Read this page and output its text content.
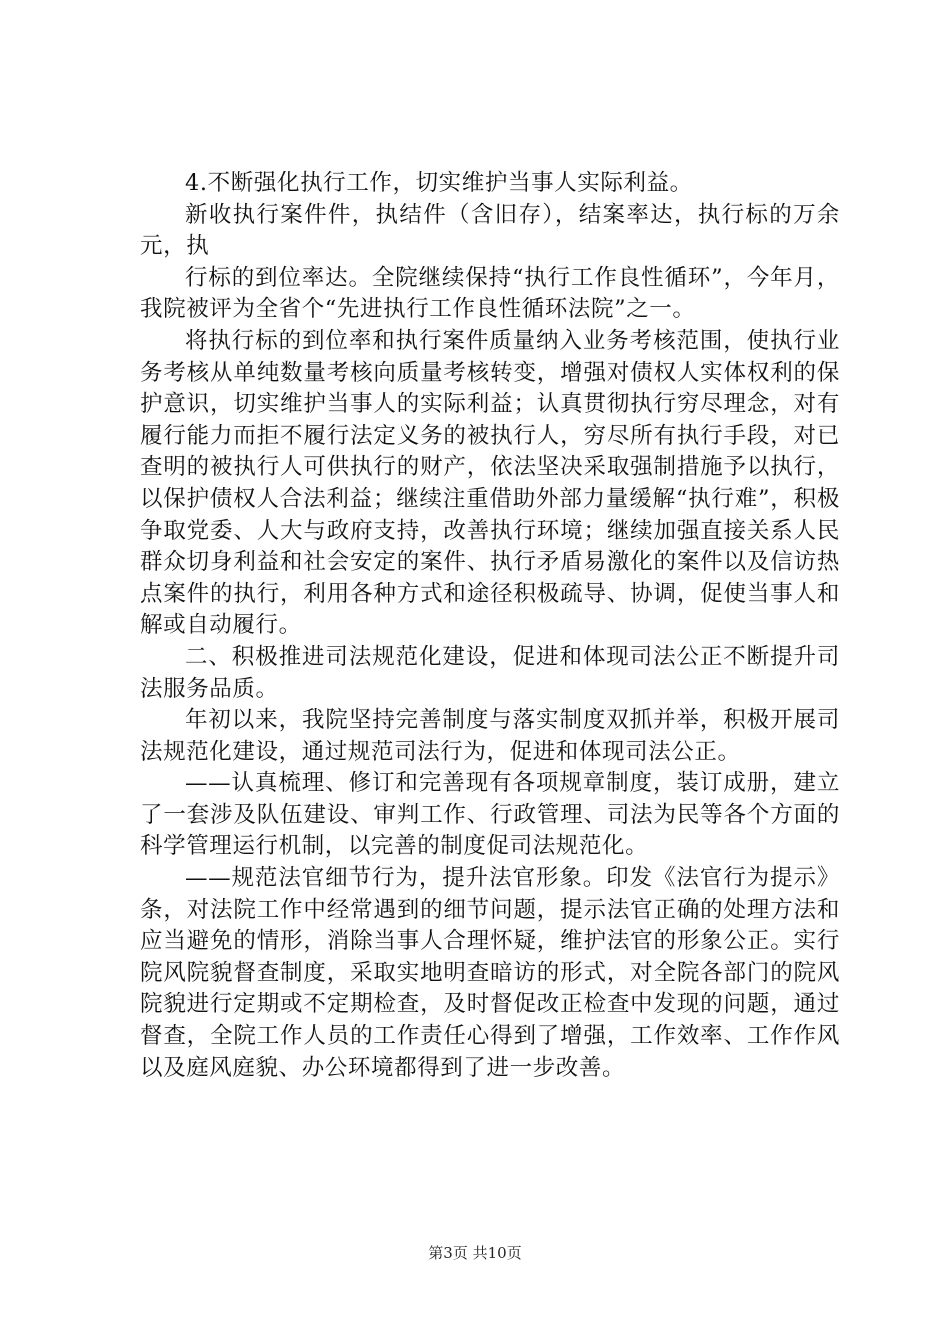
4.不断强化执行工作，切实维护当事人实际利益。

新收执行案件件，执结件（含旧存），结案率达，执行标的万余元，执

行标的到位率达。全院继续保持“执行工作良性循环”，今年月，我院被评为全省个“先进执行工作良性循环法院”之一。

将执行标的到位率和执行案件质量纳入业务考核范围，使执行业务考核从单纯数量考核向质量考核转变，增强对债权人实体权利的保护意识，切实维护当事人的实际利益；认真贯彻执行穷尽理念，对有履行能力而拒不履行法定义务的被执行人，穷尽所有执行手段，对已查明的被执行人可供执行的财产，依法坚决采取强制措施予以执行，以保护债权人合法利益；继续注重借助外部力量缓解“执行难”，积极争取党委、人大与政府支持，改善执行环境；继续加强直接关系人民群众切身利益和社会安定的案件、执行矛盾易激化的案件以及信访热点案件的执行，利用各种方式和途径积极疏导、协调，促使当事人和解或自动履行。

二、积极推进司法规范化建设，促进和体现司法公正不断提升司法服务品质。

年初以来，我院坚持完善制度与落实制度双抓并举，积极开展司法规范化建设，通过规范司法行为，促进和体现司法公正。

——认真梳理、修订和完善现有各项规章制度，装订成册，建立了一套涉及队伍建设、审判工作、行政管理、司法为民等各个方面的科学管理运行机制，以完善的制度促司法规范化。

——规范法官细节行为，提升法官形象。印发《法官行为提示》条，对法院工作中经常遇到的细节问题，提示法官正确的处理方法和应当避免的情形，消除当事人合理怀疑，维护法官的形象公正。实行院风院貌督查制度，采取实地明查暗访的形式，对全院各部门的院风院貌进行定期或不定期检查，及时督促改正检查中发现的问题，通过督查，全院工作人员的工作责任心得到了增强，工作效率、工作作风以及庭风庭貌、办公环境都得到了进一步改善。

第3页 共10页
